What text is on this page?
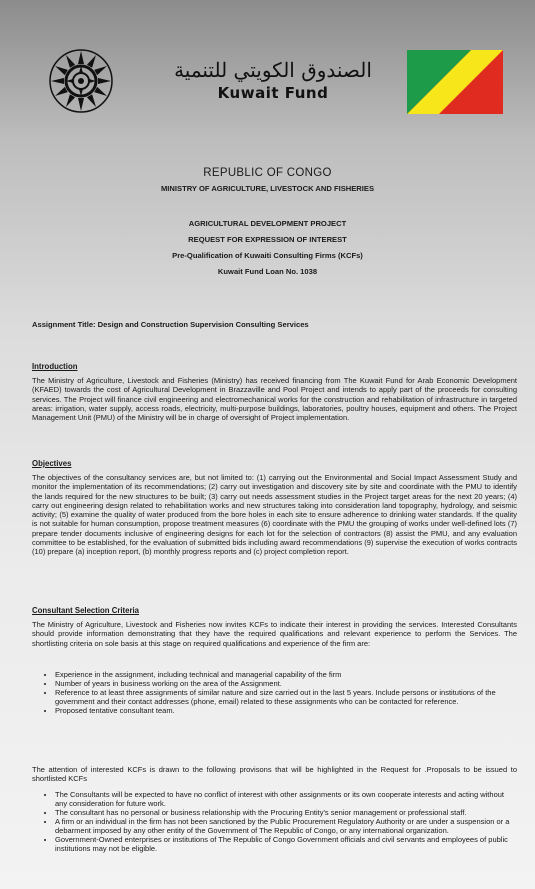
الصندوق الكويتي للتنمية
Kuwait Fund
REPUBLIC OF CONGO
MINISTRY OF AGRICULTURE, LIVESTOCK AND FISHERIES
AGRICULTURAL DEVELOPMENT PROJECT
REQUEST FOR EXPRESSION OF INTEREST
Pre-Qualification of Kuwaiti Consulting Firms (KCFs)
Kuwait Fund Loan No. 1038
Assignment Title: Design and Construction Supervision Consulting Services
Introduction
The Ministry of Agriculture, Livestock and Fisheries (Ministry) has received financing from The Kuwait Fund for Arab Economic Development (KFAED) towards the cost of Agricultural Development in Brazzaville and Pool Project and intends to apply part of the proceeds for consulting services. The Project will finance civil engineering and electromechanical works for the construction and rehabilitation of infrastructure in targeted areas: irrigation, water supply, access roads, electricity, multi-purpose buildings, laboratories, poultry houses, equipment and others. The Project Management Unit (PMU) of the Ministry will be in charge of oversight of Project implementation.
Objectives
The objectives of the consultancy services are, but not limited to: (1) carrying out the Environmental and Social Impact Assessment Study and monitor the implementation of its recommendations; (2) carry out investigation and discovery site by site and coordinate with the PMU to identify the lands required for the new structures to be built; (3) carry out needs assessment studies in the Project target areas for the next 20 years; (4) carry out engineering design related to rehabilitation works and new structures taking into consideration land topography, hydrology, and seismic activity; (5) examine the quality of water produced from the bore holes in each site to ensure adherence to drinking water standards. If the quality is not suitable for human consumption, propose treatment measures (6) coordinate with the PMU the grouping of works under well-defined lots (7) prepare tender documents inclusive of engineering designs for each lot for the selection of contractors (8) assist the PMU, and any evaluation committee to be established, for the evaluation of submitted bids including award recommendations (9) supervise the execution of works contracts (10) prepare (a) inception report, (b) monthly progress reports and (c) project completion report.
Consultant Selection Criteria
The Ministry of Agriculture, Livestock and Fisheries now invites KCFs to indicate their interest in providing the services. Interested Consultants should provide information demonstrating that they have the required qualifications and relevant experience to perform the Services. The shortlisting criteria on sole basis at this stage on required qualifications and experience of the firm are:
• Experience in the assignment, including technical and managerial capability of the firm
• Number of years in business working on the area of the Assignment.
• Reference to at least three assignments of similar nature and size carried out in the last 5 years. Include persons or institutions of the government and their contact addresses (phone, email) related to these assignments who can be contacted for reference.
• Proposed tentative consultant team.
The attention of interested KCFs is drawn to the following provisons that will be highlighted in the Request for .Proposals to be issued to shortlisted KCFs
• The Consultants will be expected to have no conflict of interest with other assignments or its own cooperate interests and acting without any consideration for future work.
• The consultant has no personal or business relationship with the Procuring Entity's senior management or professional staff.
• A firm or an individual in the firm has not been sanctioned by the Public Procurement Regulatory Authority or are under a suspension or a debarment imposed by any other entity of the Government of The Republic of Congo, or any international organization.
• Government-Owned enterprises or institutions of The Republic of Congo Government officials and civil servants and employees of public institutions may not be eligible.
